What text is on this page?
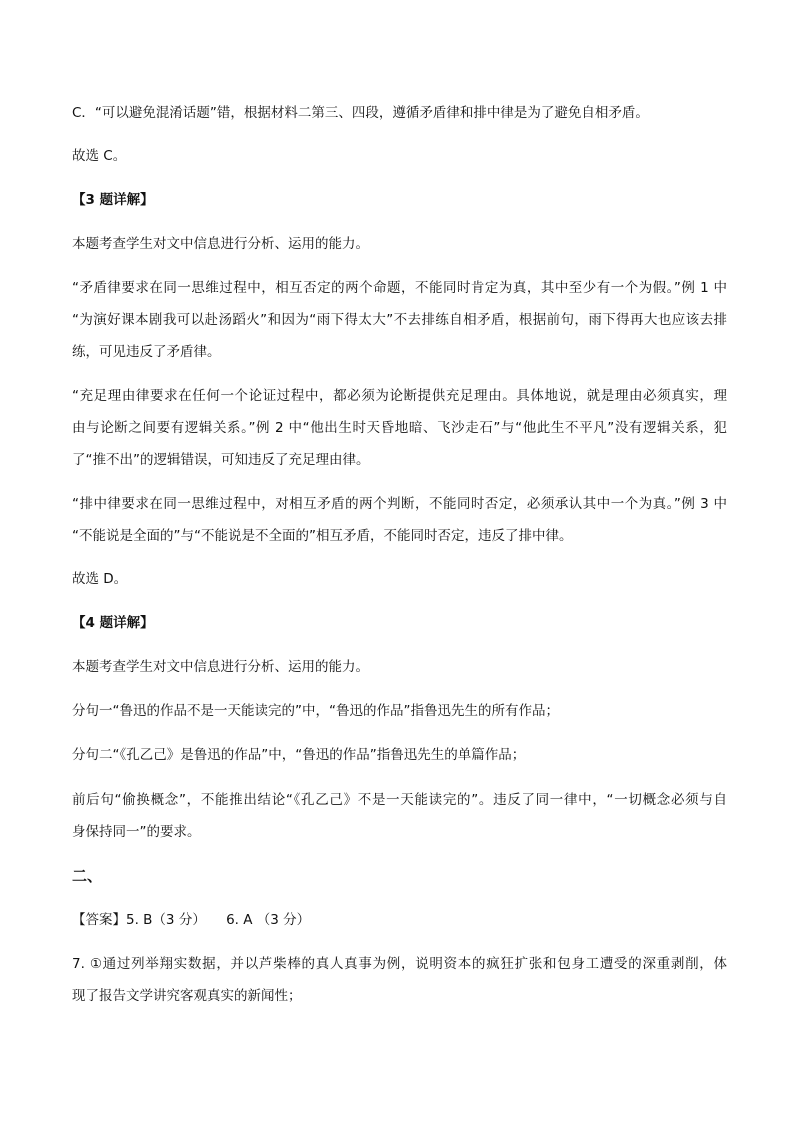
C．“可以避免混淆话题”错，根据材料二第三、四段，遵循矛盾律和排中律是为了避免自相矛盾。
故选 C。
【3 题详解】
本题考查学生对文中信息进行分析、运用的能力。
“矛盾律要求在同一思维过程中，相互否定的两个命题，不能同时肯定为真，其中至少有一个为假。”例 1 中
“为演好课本剧我可以赴汤蹈火”和因为“雨下得太大”不去排练自相矛盾，根据前句，雨下得再大也应该去排
练，可见违反了矛盾律。
“充足理由律要求在任何一个论证过程中，都必须为论断提供充足理由。具体地说，就是理由必须真实，理
由与论断之间要有逻辑关系。”例 2 中“他出生时天昏地暗、飞沙走石”与“他此生不平凡”没有逻辑关系，犯
了“推不出”的逻辑错误，可知违反了充足理由律。
“排中律要求在同一思维过程中，对相互矛盾的两个判断，不能同时否定，必须承认其中一个为真。”例 3 中
“不能说是全面的”与“不能说是不全面的”相互矛盾，不能同时否定，违反了排中律。
故选 D。
【4 题详解】
本题考查学生对文中信息进行分析、运用的能力。
分句一“鲁迅的作品不是一天能读完的”中，“鲁迅的作品”指鲁迅先生的所有作品；
分句二“《孔乙己》是鲁迅的作品”中，“鲁迅的作品”指鲁迅先生的单篇作品；
前后句“偷换概念”，不能推出结论“《孔乙己》不是一天能读完的”。违反了同一律中，“一切概念必须与自
身保持同一”的要求。
二、
【答案】5. B（3 分）　　6. A （3 分）
7. ①通过列举翔实数据，并以芦柴棒的真人真事为例，说明资本的疯狂扩张和包身工遭受的深重剥削，体
现了报告文学讲究客观真实的新闻性；
